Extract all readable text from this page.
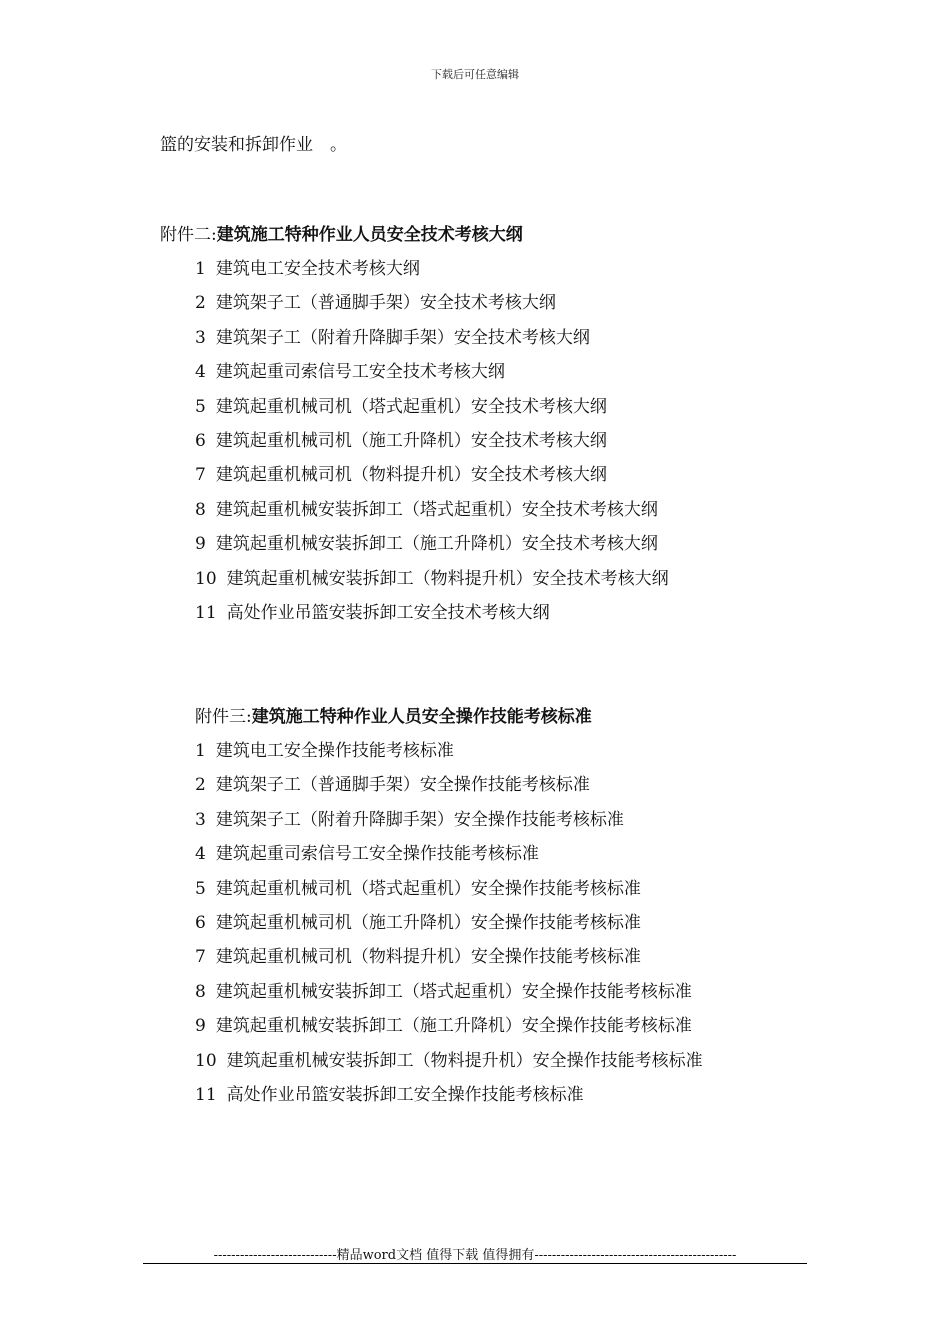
下载后可任意编辑
篮的安装和拆卸作业　。
附件二:建筑施工特种作业人员安全技术考核大纲
1 建筑电工安全技术考核大纲
2 建筑架子工（普通脚手架）安全技术考核大纲
3 建筑架子工（附着升降脚手架）安全技术考核大纲
4 建筑起重司索信号工安全技术考核大纲
5 建筑起重机械司机（塔式起重机）安全技术考核大纲
6 建筑起重机械司机（施工升降机）安全技术考核大纲
7 建筑起重机械司机（物料提升机）安全技术考核大纲
8 建筑起重机械安装拆卸工（塔式起重机）安全技术考核大纲
9 建筑起重机械安装拆卸工（施工升降机）安全技术考核大纲
10 建筑起重机械安装拆卸工（物料提升机）安全技术考核大纲
11 高处作业吊篮安装拆卸工安全技术考核大纲
附件三:建筑施工特种作业人员安全操作技能考核标准
1 建筑电工安全操作技能考核标准
2 建筑架子工（普通脚手架）安全操作技能考核标准
3 建筑架子工（附着升降脚手架）安全操作技能考核标准
4 建筑起重司索信号工安全操作技能考核标准
5 建筑起重机械司机（塔式起重机）安全操作技能考核标准
6 建筑起重机械司机（施工升降机）安全操作技能考核标准
7 建筑起重机械司机（物料提升机）安全操作技能考核标准
8 建筑起重机械安装拆卸工（塔式起重机）安全操作技能考核标准
9 建筑起重机械安装拆卸工（施工升降机）安全操作技能考核标准
10 建筑起重机械安装拆卸工（物料提升机）安全操作技能考核标准
11 高处作业吊篮安装拆卸工安全操作技能考核标准
----------------------------精品word文档 值得下载 值得拥有----------------------------------------------
